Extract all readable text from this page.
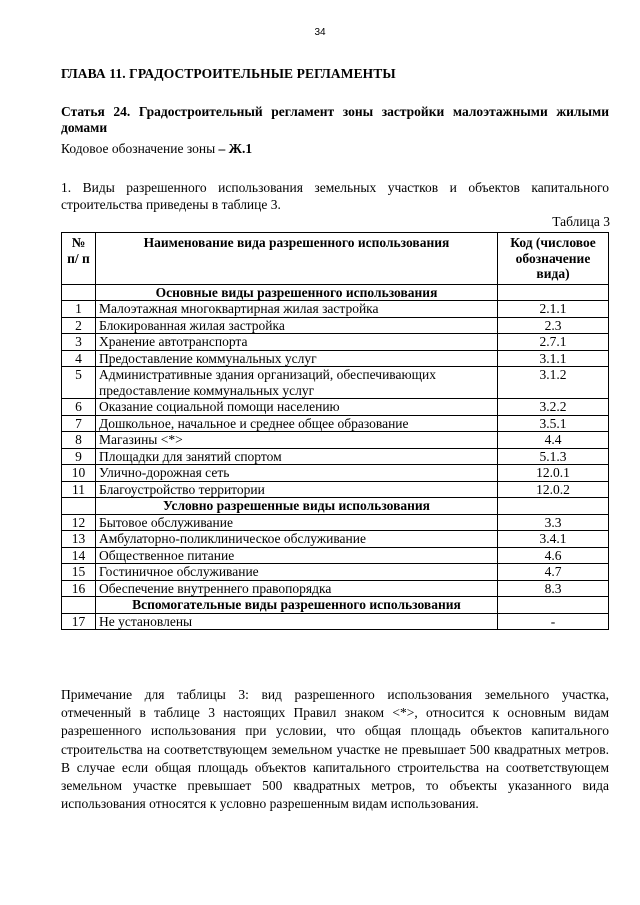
34
ГЛАВА 11. ГРАДОСТРОИТЕЛЬНЫЕ РЕГЛАМЕНТЫ
Статья 24. Градостроительный регламент зоны застройки малоэтажными жилыми домами
Кодовое обозначение зоны – Ж.1
1. Виды разрешенного использования земельных участков и объектов капитального строительства приведены в таблице 3.
Таблица 3
№ п/ п	Наименование вида разрешенного использования	Код (числовое обозначение вида)
	Основные виды разрешенного использования	
1	Малоэтажная многоквартирная жилая застройка	2.1.1
2	Блокированная жилая застройка	2.3
3	Хранение автотранспорта	2.7.1
4	Предоставление коммунальных услуг	3.1.1
5	Административные здания организаций, обеспечивающих предоставление коммунальных услуг	3.1.2
6	Оказание социальной помощи населению	3.2.2
7	Дошкольное, начальное и среднее общее образование	3.5.1
8	Магазины <*>	4.4
9	Площадки для занятий спортом	5.1.3
10	Улично-дорожная сеть	12.0.1
11	Благоустройство территории	12.0.2
	Условно разрешенные виды использования	
12	Бытовое обслуживание	3.3
13	Амбулаторно-поликлиническое обслуживание	3.4.1
14	Общественное питание	4.6
15	Гостиничное обслуживание	4.7
16	Обеспечение внутреннего правопорядка	8.3
	Вспомогательные виды разрешенного использования	
17	Не установлены	-
Примечание для таблицы 3: вид разрешенного использования земельного участка, отмеченный в таблице 3 настоящих Правил знаком <*>, относится к основным видам разрешенного использования при условии, что общая площадь объектов капитального строительства на соответствующем земельном участке не превышает 500 квадратных метров. В случае если общая площадь объектов капитального строительства на соответствующем земельном участке превышает 500 квадратных метров, то объекты указанного вида использования относятся к условно разрешенным видам использования.
